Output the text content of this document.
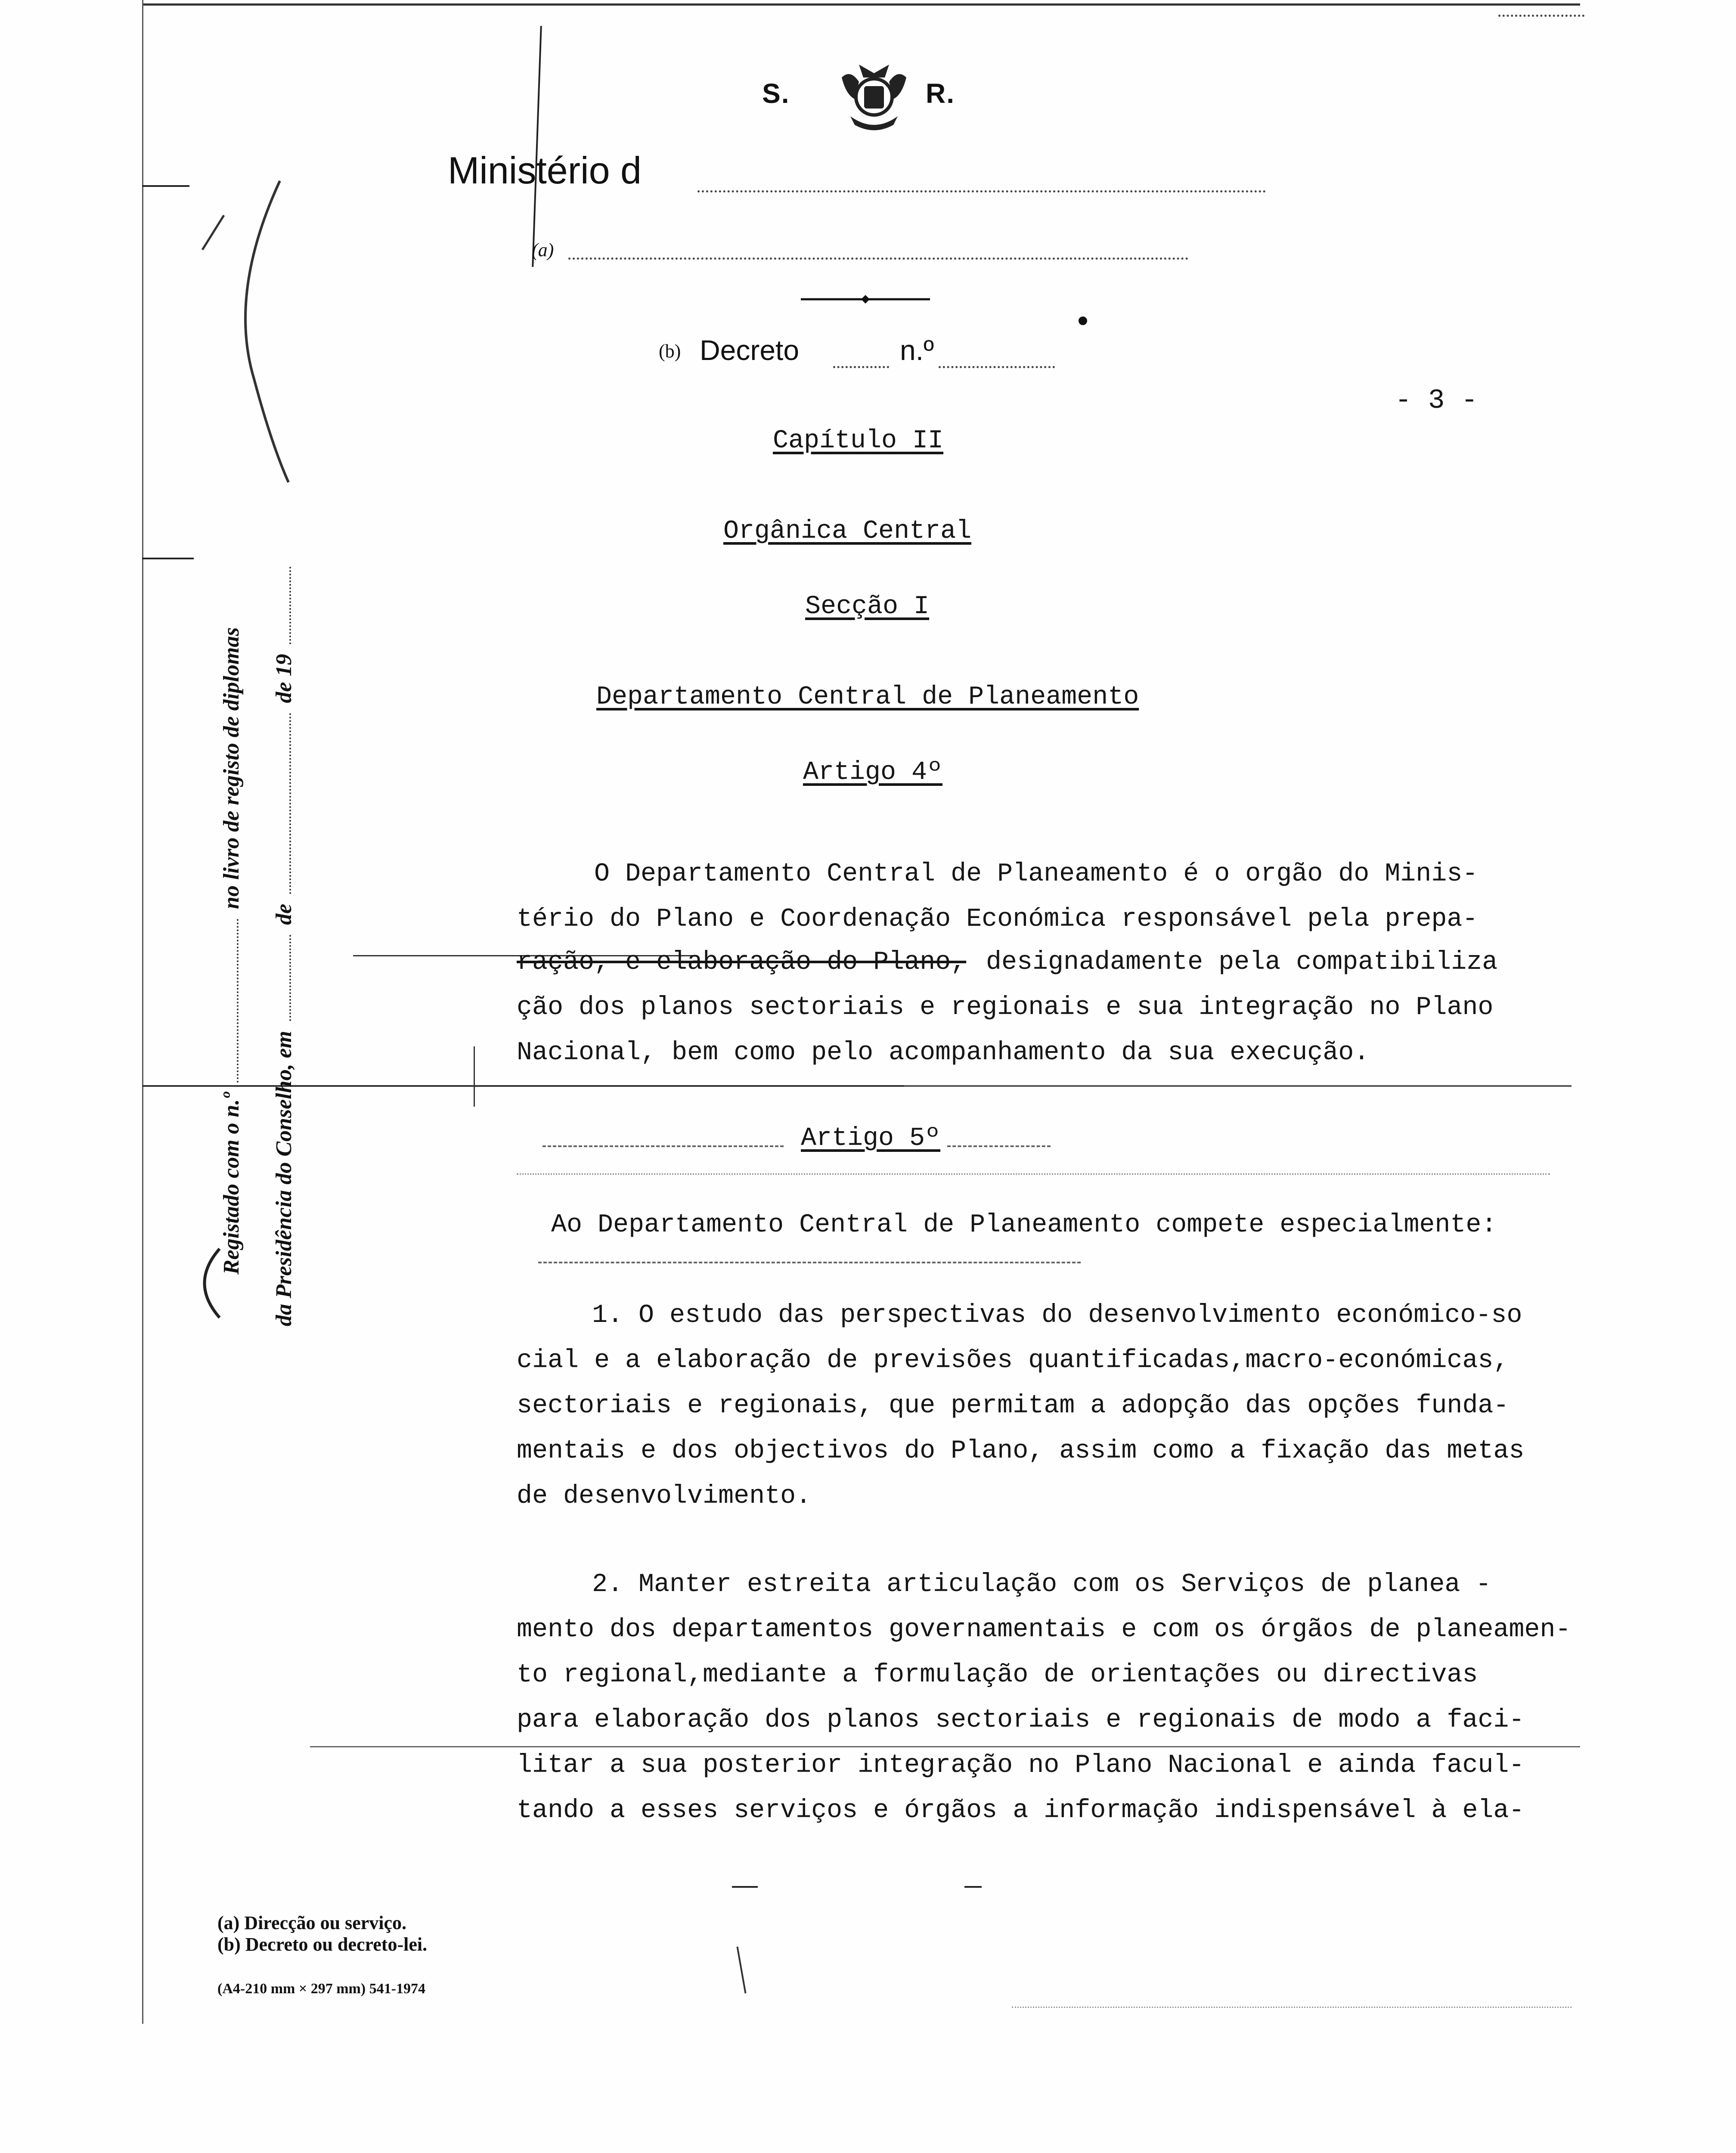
Registado com o n.º  no livro de registo de diplomas
da Presidência do Conselho, em  de  de 19
S.	R.
Ministério d
(a)
(b) Decreto	n.º
- 3 -
Capítulo II
Orgânica Central
Secção I
Departamento Central de Planeamento
Artigo 4º
O Departamento Central de Planeamento é o orgão do Minis-
tério do Plano e Coordenação Económica responsável pela prepa-
ração, e elaboração do Plano, designadamente pela compatibiliza
ção dos planos sectoriais e regionais e sua integração no Plano
Nacional, bem como pelo acompanhamento da sua execução.
Artigo 5º
Ao Departamento Central de Planeamento compete especialmente:
1. O estudo das perspectivas do desenvolvimento económico-so
cial e a elaboração de previsões quantificadas,macro-económicas,
sectoriais e regionais, que permitam a adopção das opções funda-
mentais e dos objectivos do Plano, assim como a fixação das metas
de desenvolvimento.
2. Manter estreita articulação com os Serviços de planea -
mento dos departamentos governamentais e com os órgãos de planeamen-
to regional,mediante a formulação de orientações ou directivas
para elaboração dos planos sectoriais e regionais de modo a faci-
litar a sua posterior integração no Plano Nacional e ainda facul-
tando a esses serviços e órgãos a informação indispensável à ela-
(a) Direcção ou serviço.
(b) Decreto ou decreto-lei.
(A4-210 mm × 297 mm) 541-1974
